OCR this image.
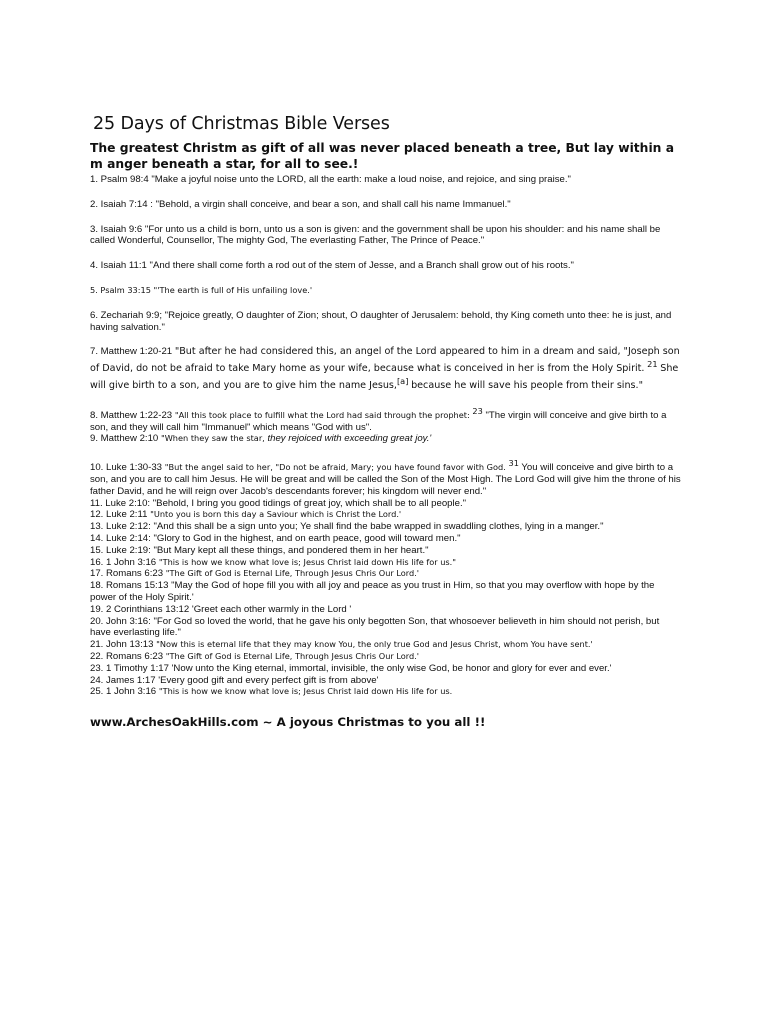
25 Days of Christmas Bible Verses
The greatest Christm as gift of all was never placed beneath a tree, But lay within a m anger beneath a star, for all to see.!

1. Psalm 98:4 "Make a joyful noise unto the LORD, all the earth: make a loud noise, and rejoice, and sing praise."

2. Isaiah 7:14 : "Behold, a virgin shall conceive, and bear a son, and shall call his name Immanuel."

3. Isaiah 9:6 "For unto us a child is born, unto us a son is given: and the government shall be upon his shoulder: and his name shall be called Wonderful, Counsellor, The mighty God, The everlasting Father, The Prince of Peace."

4. Isaiah 11:1 "And there shall come forth a rod out of the stem of Jesse, and a Branch shall grow out of his roots."

5. Psalm 33:15 "'The earth is full of His unfailing love.'

6. Zechariah 9:9; "Rejoice greatly, O daughter of Zion; shout, O daughter of Jerusalem: behold, thy King cometh unto thee: he is just, and having salvation."

7. Matthew 1:20-21 "But after he had considered this, an angel of the Lord appeared to him in a dream and said, "Joseph son of David, do not be afraid to take Mary home as your wife, because what is conceived in her is from the Holy Spirit. $^{21}$ She will give birth to a son, and you are to give him the name Jesus,[a] because he will save his people from their sins."

8. Matthew 1:22-23 "All this took place to fulfill what the Lord had said through the prophet: $^{23}$ "The virgin will conceive and give birth to a son, and they will call him "Immanuel" which means "God with us".

9. Matthew 2:10 "When they saw the star, they rejoiced with exceeding great joy.'

10. Luke 1:30-33 "But the angel said to her, "Do not be afraid, Mary; you have found favor with God. $^{31}$ You will conceive and give birth to a son, and you are to call him Jesus. He will be great and will be called the Son of the Most High. The Lord God will give him the throne of his father David, and he will reign over Jacob's descendants forever; his kingdom will never end."

11. Luke 2:10: "Behold, I bring you good tidings of great joy, which shall be to all people."

12. Luke 2:11 "Unto you is born this day a Saviour which is Christ the Lord.'

13. Luke 2:12: "And this shall be a sign unto you; Ye shall find the babe wrapped in swaddling clothes, lying in a manger."

14. Luke 2:14: "Glory to God in the highest, and on earth peace, good will toward men."

15. Luke 2:19: "But Mary kept all these things, and pondered them in her heart."

16. 1 John 3:16 "This is how we know what love is; Jesus Christ laid down His life for us."

17. Romans 6:23 "The Gift of God is Eternal Life, Through Jesus Chris Our Lord.'

18. Romans 15:13 "May the God of hope fill you with all joy and peace as you trust in Him, so that you may overflow with hope by the power of the Holy Spirit.'

19. 2 Corinthians 13:12 'Greet each other warmly in the Lord '

20. John 3:16: "For God so loved the world, that he gave his only begotten Son, that whosoever believeth in him should not perish, but have everlasting life."

21. John 13:13 "Now this is eternal life that they may know You, the only true God and Jesus Christ, whom You have sent.'

22. Romans 6:23 "The Gift of God is Eternal Life, Through Jesus Chris Our Lord.'

23. 1 Timothy 1:17 'Now unto the King eternal, immortal, invisible, the only wise God, be honor and glory for ever and ever.'

24. James 1:17 'Every good gift and every perfect gift is from above'

25. 1 John 3:16 "This is how we know what love is; Jesus Christ laid down His life for us.

www.ArchesOakHills.com ~ A joyous Christmas to you all !!
